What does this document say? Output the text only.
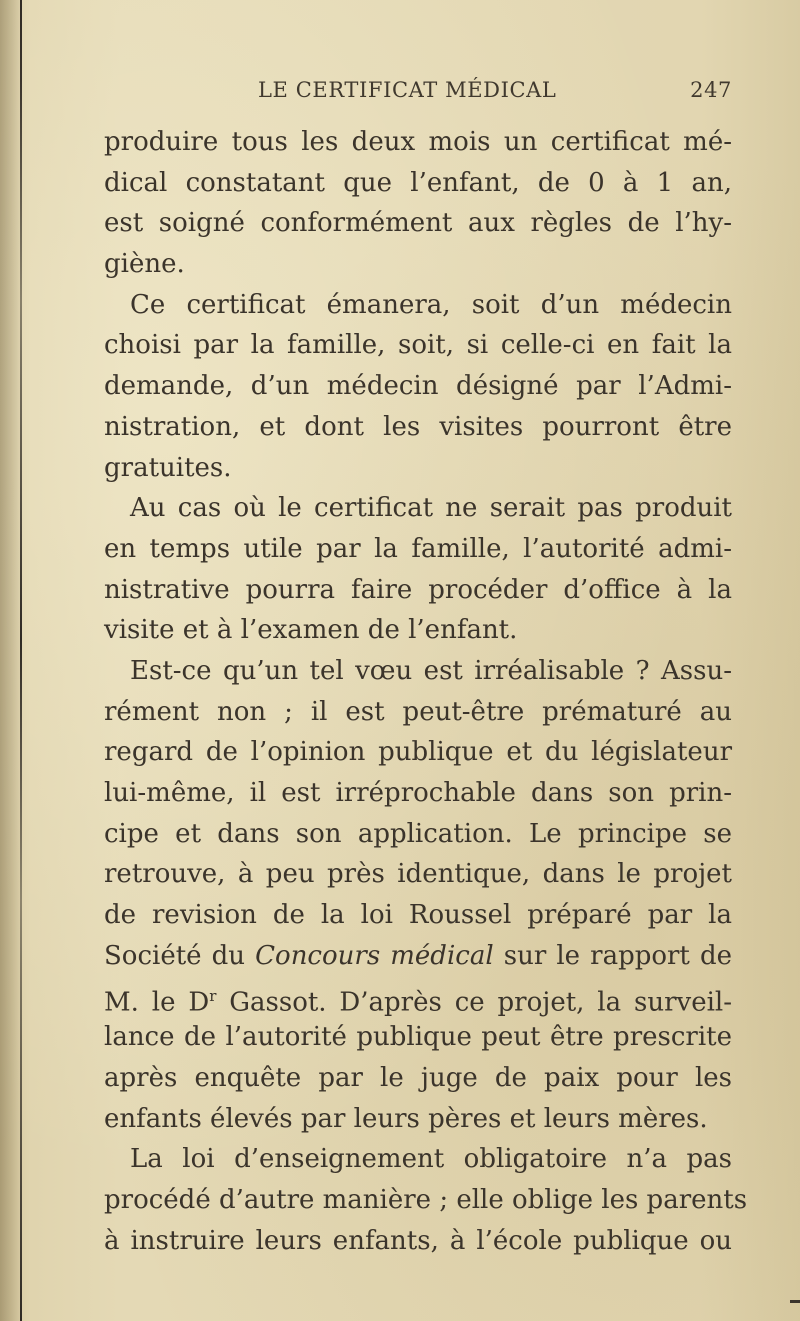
LE CERTIFICAT MÉDICAL	247
produire tous les deux mois un certificat mé-
dical constatant que l’enfant, de 0 à 1 an,
est soigné conformément aux règles de l’hy-
giène.
Ce certificat émanera, soit d’un médecin
choisi par la famille, soit, si celle-ci en fait la
demande, d’un médecin désigné par l’Admi-
nistration, et dont les visites pourront être
gratuites.
Au cas où le certificat ne serait pas produit
en temps utile par la famille, l’autorité admi-
nistrative pourra faire procéder d’office à la
visite et à l’examen de l’enfant.
Est-ce qu’un tel vœu est irréalisable ? Assu-
rément non ; il est peut-être prématuré au
regard de l’opinion publique et du législateur
lui-même, il est irréprochable dans son prin-
cipe et dans son application. Le principe se
retrouve, à peu près identique, dans le projet
de revision de la loi Roussel préparé par la
Société du Concours médical sur le rapport de
M. le $D^r$ Gassot. D’après ce projet, la surveil-
lance de l’autorité publique peut être prescrite
après enquête par le juge de paix pour les
enfants élevés par leurs pères et leurs mères.
La loi d’enseignement obligatoire n’a pas
procédé d’autre manière ; elle oblige les parents
à instruire leurs enfants, à l’école publique ou
